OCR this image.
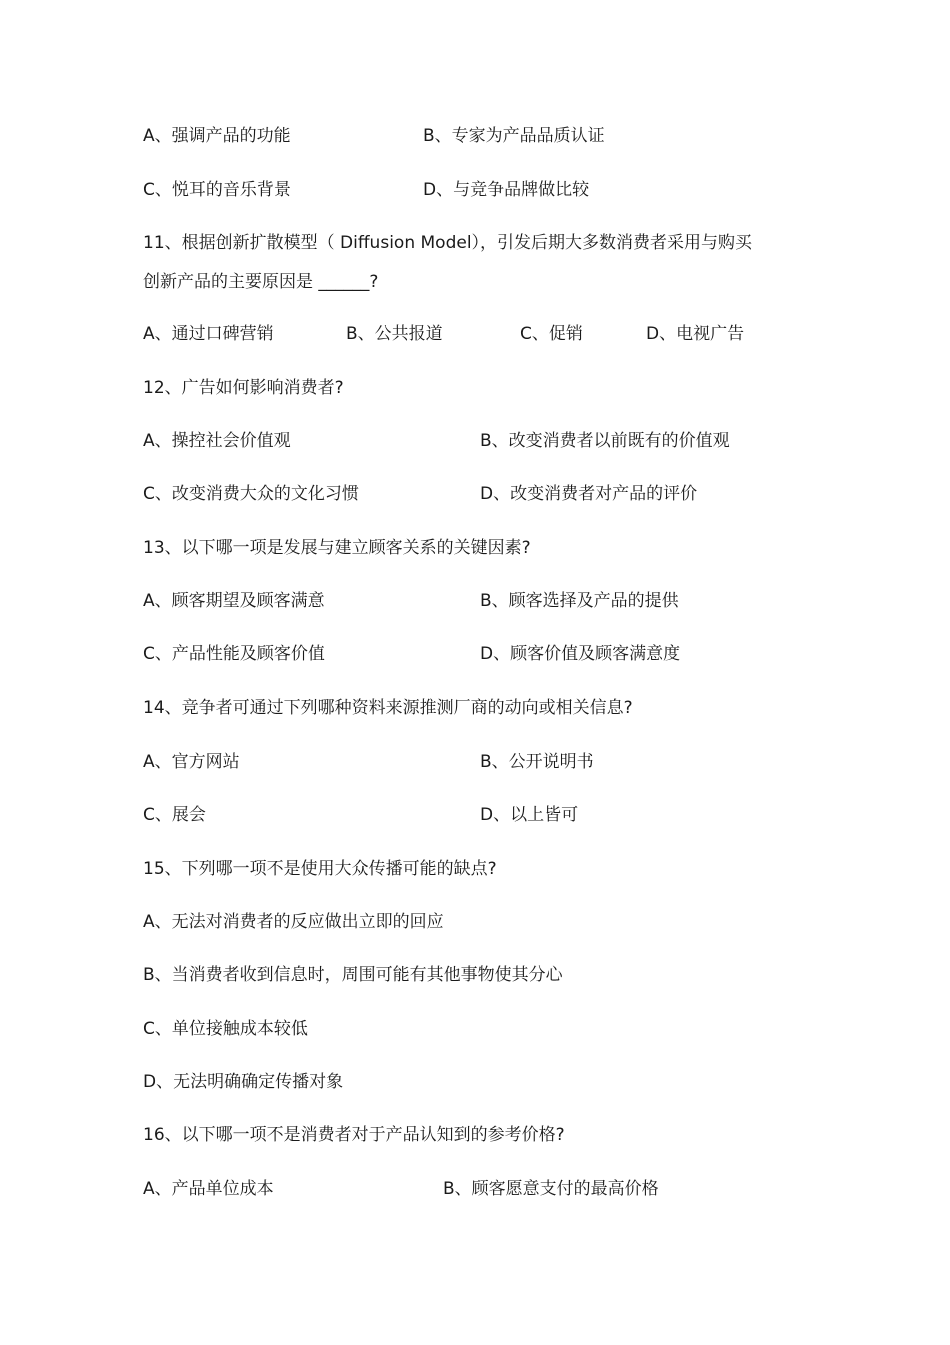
A、强调产品的功能	B、专家为产品品质认证
C、悦耳的音乐背景	D、与竞争品牌做比较
11、根据创新扩散模型（ Diffusion Model），引发后期大多数消费者采用与购买
创新产品的主要原因是 ______?
A、通过口碑营销	B、公共报道	C、促销	D、电视广告
12、广告如何影响消费者?
A、操控社会价值观	B、改变消费者以前既有的价值观
C、改变消费大众的文化习惯	D、改变消费者对产品的评价
13、以下哪一项是发展与建立顾客关系的关键因素?
A、顾客期望及顾客满意	B、顾客选择及产品的提供
C、产品性能及顾客价值	D、顾客价值及顾客满意度
14、竞争者可通过下列哪种资料来源推测厂商的动向或相关信息?
A、官方网站	B、公开说明书
C、展会	D、以上皆可
15、下列哪一项不是使用大众传播可能的缺点?
A、无法对消费者的反应做出立即的回应
B、当消费者收到信息时，周围可能有其他事物使其分心
C、单位接触成本较低
D、无法明确确定传播对象
16、以下哪一项不是消费者对于产品认知到的参考价格?
A、产品单位成本	B、顾客愿意支付的最高价格
